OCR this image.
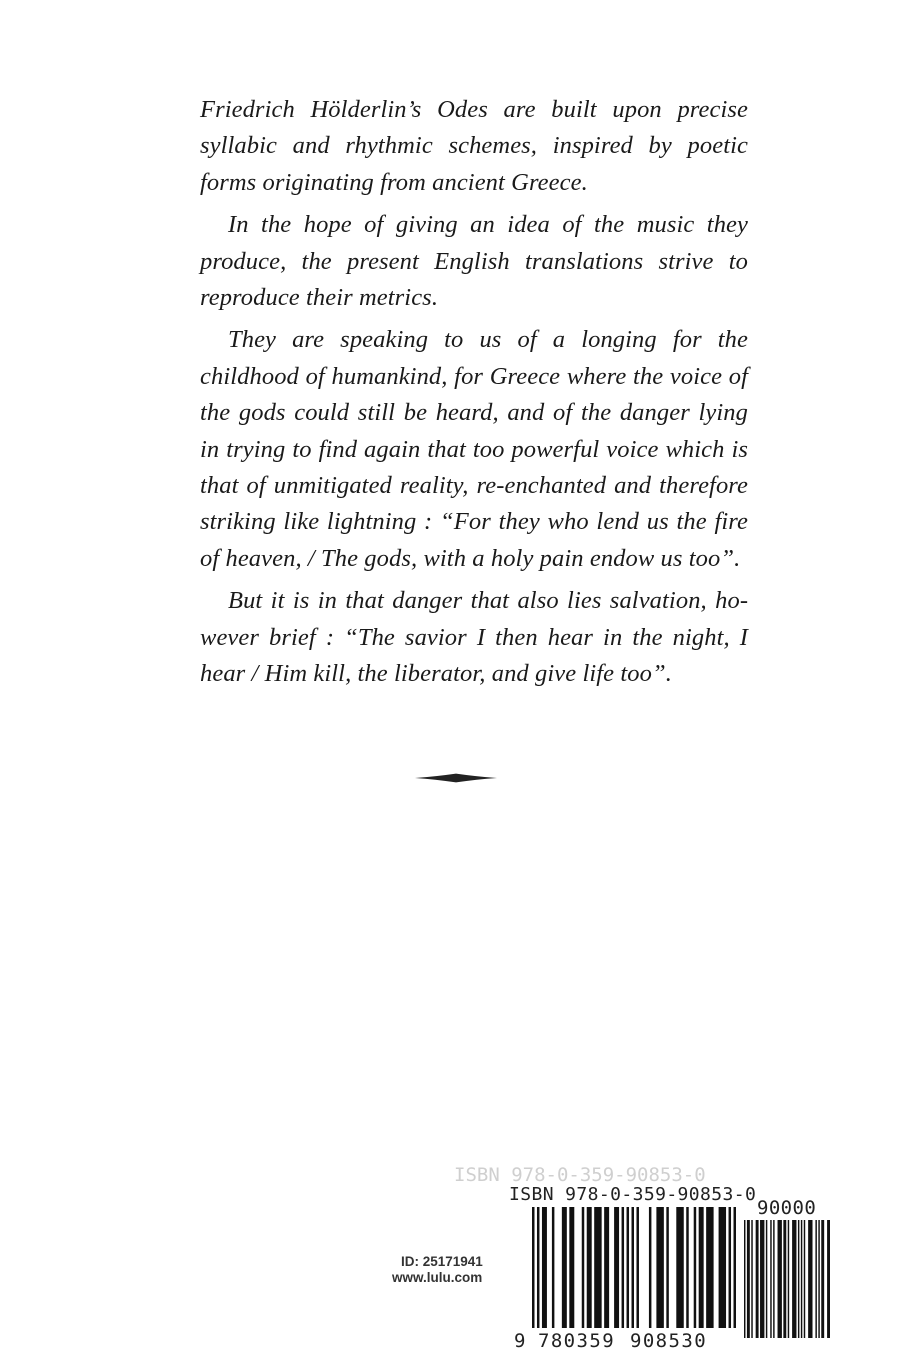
Friedrich Hölderlin’s Odes are built upon precise syllabic and rhythmic schemes, inspired by poetic forms originating from ancient Greece.

In the hope of giving an idea of the music they produce, the present English translations strive to reproduce their metrics.

They are speaking to us of a longing for the childhood of humankind, for Greece where the voice of the gods could still be heard, and of the danger lying in trying to find again that too powerful voice which is that of unmitigated reality, re-enchanted and therefore striking like lightning : “For they who lend us the fire of heaven, / The gods, with a holy pain endow us too”.

But it is in that danger that also lies salvation, however brief : “The savior I then hear in the night, I hear / Him kill, the liberator, and give life too”.

ISBN 978-0-359-90853-0
ISBN 978-0-359-90853-0
90000
9 780359 908530
ID: 25171941
www.lulu.com
